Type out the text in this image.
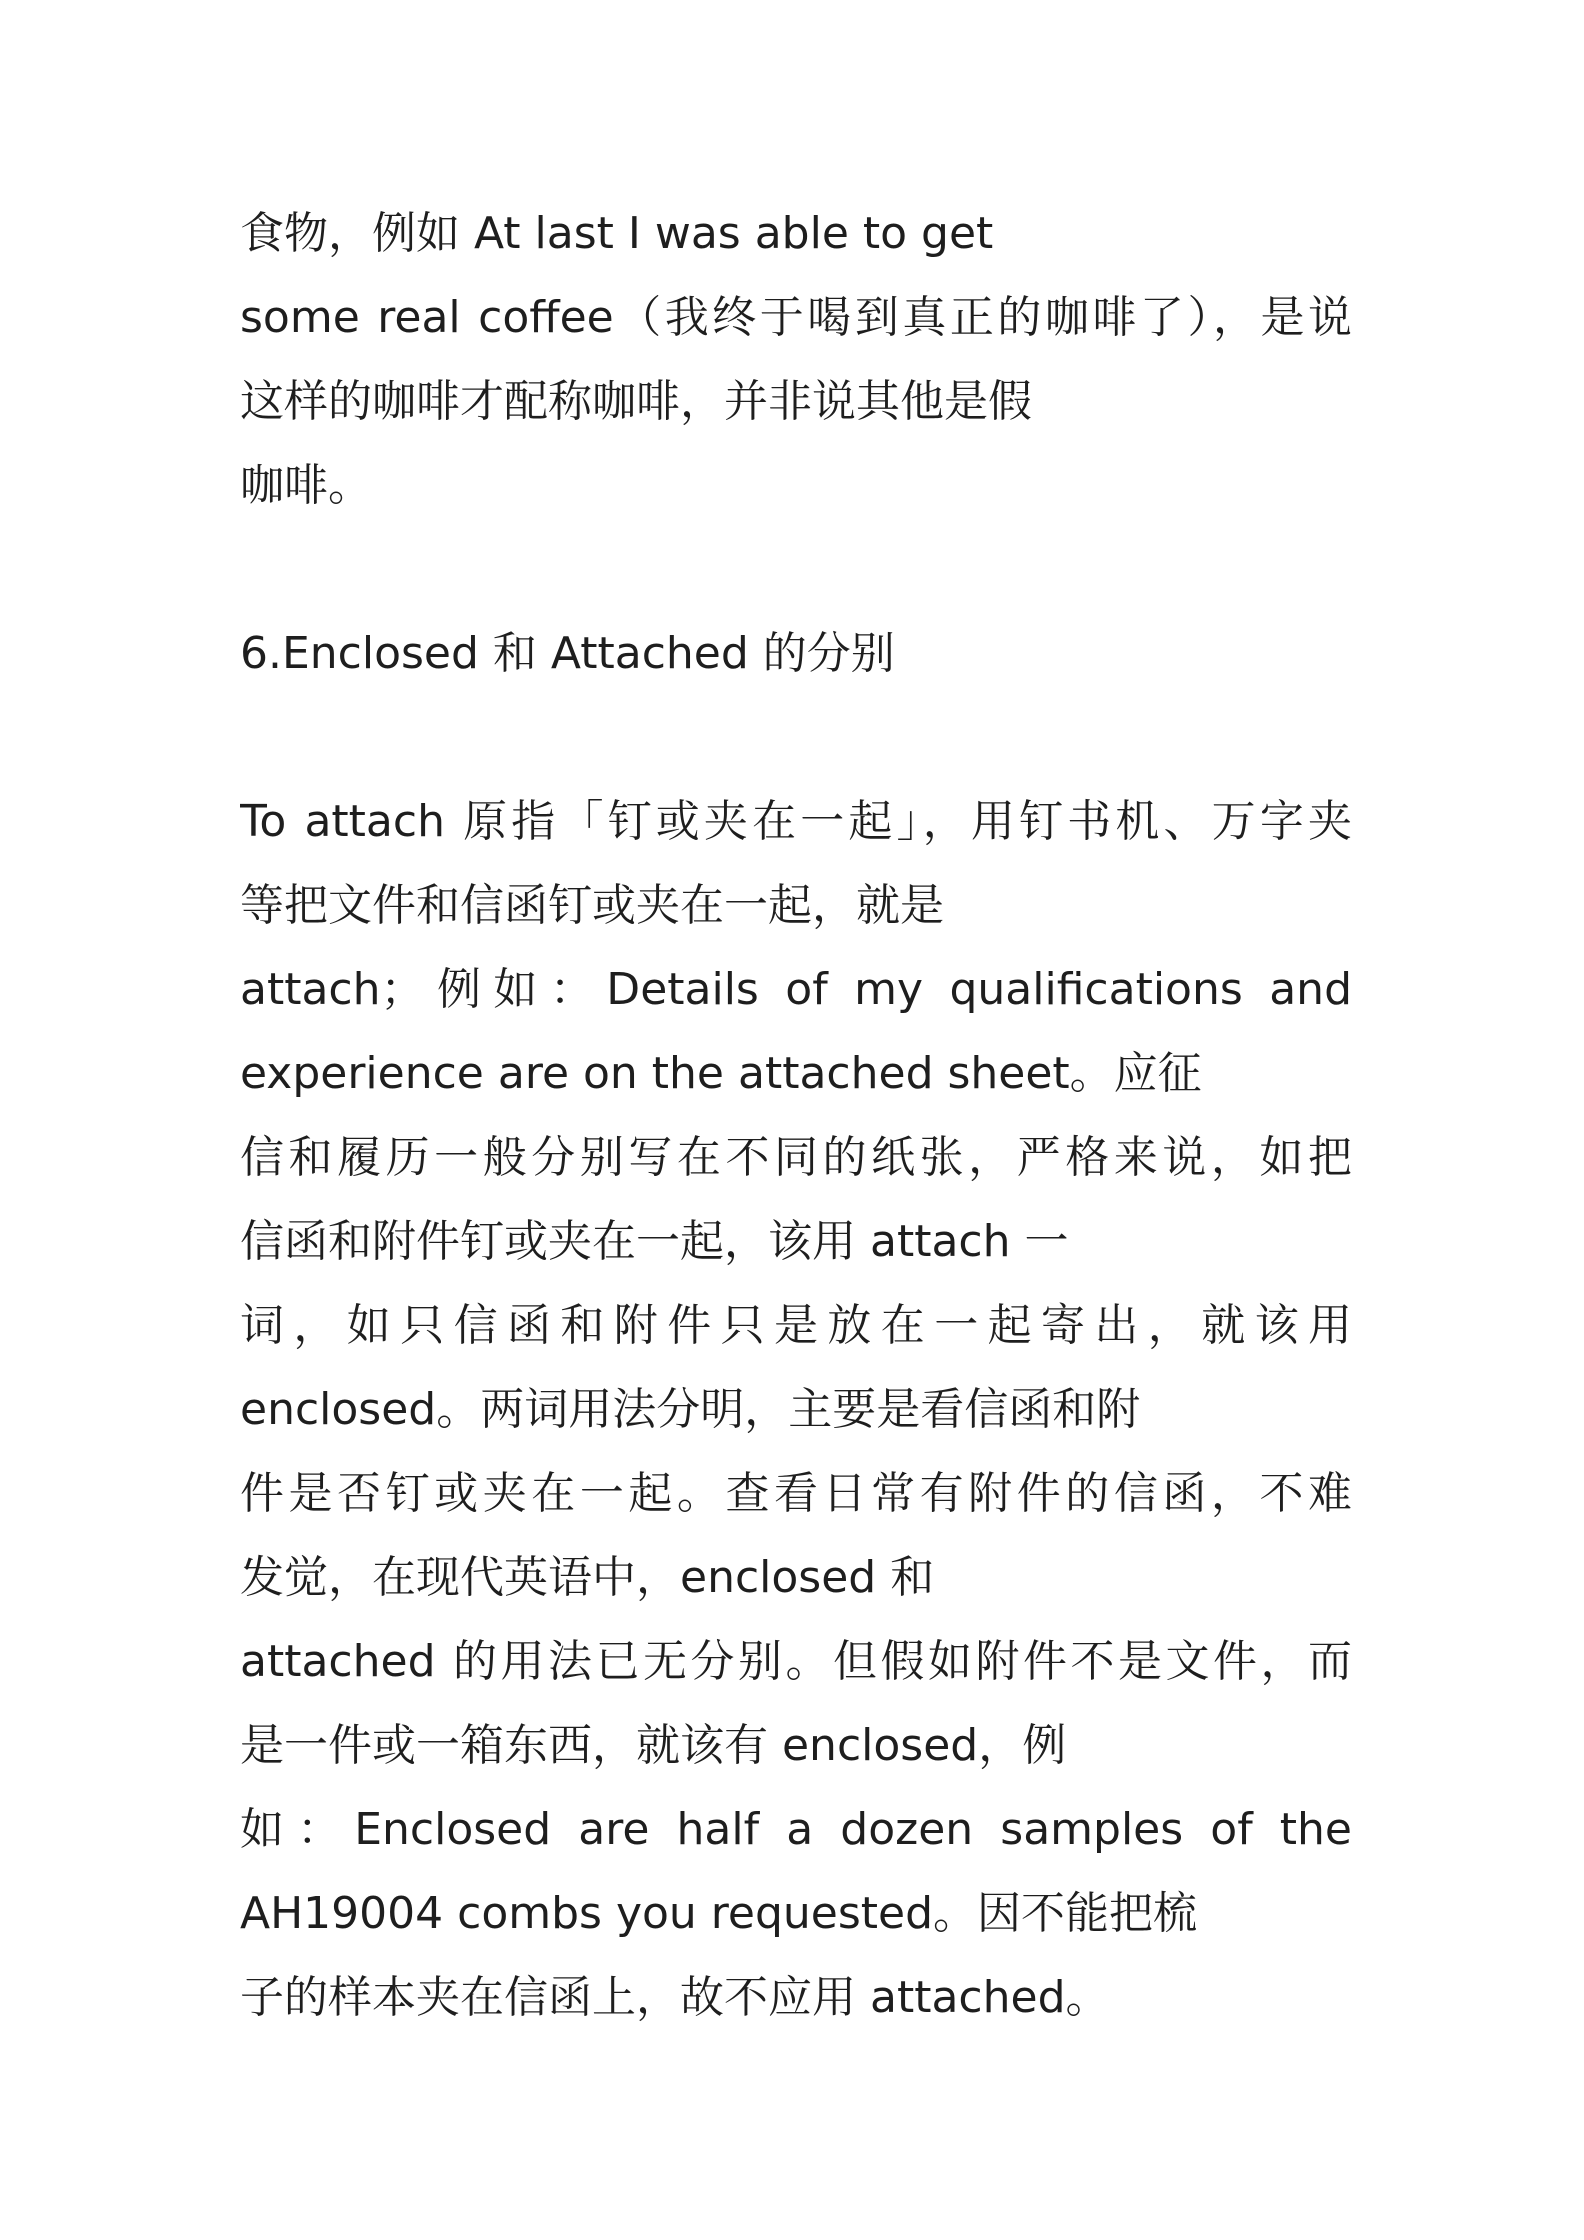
食物，例如 At last I was able to get
some real coffee（我终于喝到真正的咖啡了），是说
这样的咖啡才配称咖啡，并非说其他是假
咖啡。
6.Enclosed 和 Attached 的分别
To attach 原指「钉或夹在一起」，用钉书机、万字夹
等把文件和信函钉或夹在一起，就是
attach；例如：Details of my qualifications and
experience are on the attached sheet。应征
信和履历一般分别写在不同的纸张，严格来说，如把
信函和附件钉或夹在一起，该用 attach 一
词，如只信函和附件只是放在一起寄出，就该用
enclosed。两词用法分明，主要是看信函和附
件是否钉或夹在一起。查看日常有附件的信函，不难
发觉，在现代英语中，enclosed 和
attached 的用法已无分别。但假如附件不是文件，而
是一件或一箱东西，就该有 enclosed，例
如：Enclosed are half a dozen samples of the
AH19004 combs you requested。因不能把梳
子的样本夹在信函上，故不应用 attached。
